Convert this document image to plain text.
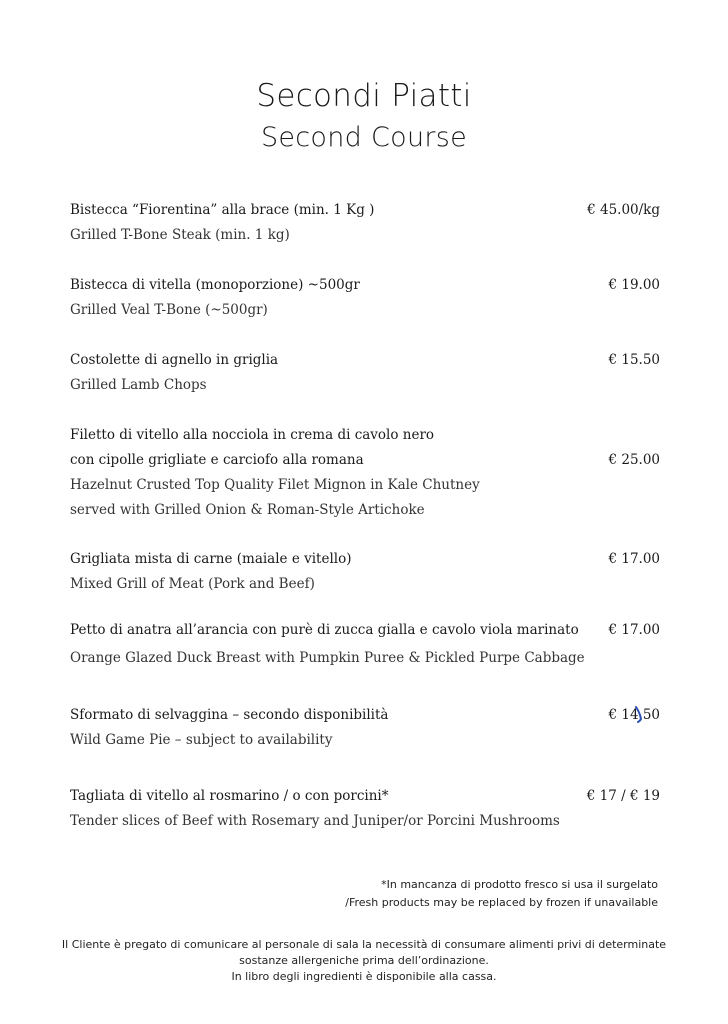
Secondi Piatti
Second Course
Bistecca “Fiorentina” alla brace (min. 1 Kg )
Grilled T-Bone Steak (min. 1 kg)
€ 45.00/kg
Bistecca di vitella (monoporzione) ~500gr
Grilled Veal T-Bone (~500gr)
€ 19.00
Costolette di agnello in griglia
Grilled Lamb Chops
€ 15.50
Filetto di vitello alla nocciola in crema di cavolo nero
con cipolle grigliate e carciofo alla romana
Hazelnut Crusted Top Quality Filet Mignon in Kale Chutney
served with Grilled Onion & Roman-Style Artichoke
€ 25.00
Grigliata mista di carne (maiale e vitello)
Mixed Grill of Meat (Pork and Beef)
€ 17.00
Petto di anatra all’arancia con purè di zucca gialla e cavolo viola marinato
Orange Glazed Duck Breast with Pumpkin Puree & Pickled Purpe Cabbage
€ 17.00
Sformato di selvaggina – secondo disponibilità
Wild Game Pie – subject to availability
€ 14.50
Tagliata di vitello al rosmarino / o con porcini*
Tender slices of Beef with Rosemary and Juniper/or Porcini Mushrooms
€ 17 / € 19
*In mancanza di prodotto fresco si usa il surgelato
/Fresh products may be replaced by frozen if unavailable
Il Cliente è pregato di comunicare al personale di sala la necessità di consumare alimenti privi di determinate
sostanze allergeniche prima dell’ordinazione.
In libro degli ingredienti è disponibile alla cassa.
